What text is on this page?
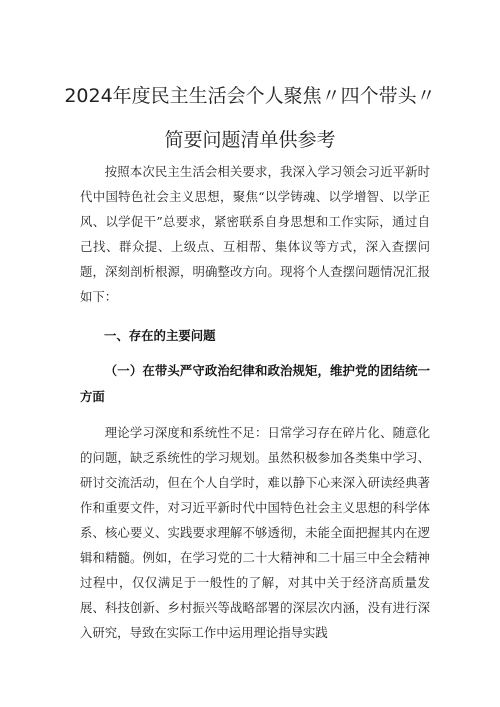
2024年度民主生活会个人聚焦〃四个带头〃
简要问题清单供参考

按照本次民主生活会相关要求，我深入学习领会习近平新时代中国特色社会主义思想，聚焦“以学铸魂、以学增智、以学正风、以学促干”总要求，紧密联系自身思想和工作实际，通过自己找、群众提、上级点、互相帮、集体议等方式，深入查摆问题，深刻剖析根源，明确整改方向。现将个人查摆问题情况汇报如下：

一、存在的主要问题

（一）在带头严守政治纪律和政治规矩，维护党的团结统一方面

理论学习深度和系统性不足：日常学习存在碎片化、随意化的问题，缺乏系统性的学习规划。虽然积极参加各类集中学习、研讨交流活动，但在个人自学时，难以静下心来深入研读经典著作和重要文件，对习近平新时代中国特色社会主义思想的科学体系、核心要义、实践要求理解不够透彻，未能全面把握其内在逻辑和精髓。例如，在学习党的二十大精神和二十届三中全会精神过程中，仅仅满足于一般性的了解，对其中关于经济高质量发展、科技创新、乡村振兴等战略部署的深层次内涵，没有进行深入研究，导致在实际工作中运用理论指导实践
